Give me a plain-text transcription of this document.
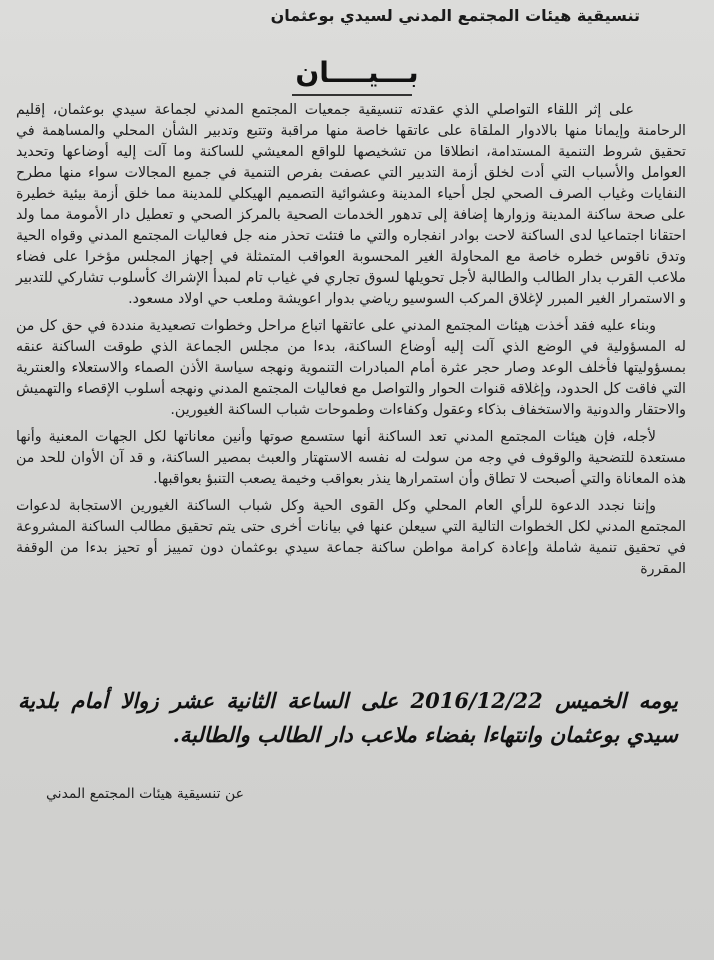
تنسيقية هيئات المجتمع المدني لسيدي بوعثمان
بـــيــــان

على إثر اللقاء التواصلي الذي عقدته تنسيقية جمعيات المجتمع المدني لجماعة سيدي بوعثمان، إقليم الرحامنة وإيمانا منها بالادوار الملقاة على عاتقها خاصة منها مراقبة وتتبع وتدبير الشأن المحلي والمساهمة في تحقيق شروط التنمية المستدامة، انطلاقا من تشخيصها للواقع المعيشي للساكنة وما آلت إليه أوضاعها وتحديد العوامل والأسباب التي أدت لخلق أزمة التدبير التي عصفت بفرص التنمية في جميع المجالات سواء منها مطرح النفايات وغياب الصرف الصحي لجل أحياء المدينة وعشوائية التصميم الهيكلي للمدينة مما خلق أزمة بيئية خطيرة على صحة ساكنة المدينة وزوارها إضافة إلى تدهور الخدمات الصحية بالمركز الصحي و تعطيل دار الأمومة مما ولد احتقانا اجتماعيا لدى الساكنة لاحت بوادر انفجاره والتي ما فتئت تحذر منه جل فعاليات المجتمع المدني وقواه الحية وتدق ناقوس خطره خاصة مع المحاولة الغير المحسوبة العواقب المتمثلة في إجهاز المجلس مؤخرا على فضاء ملاعب القرب بدار الطالب والطالبة لأجل تحويلها لسوق تجاري في غياب تام لمبدأ الإشراك كأسلوب تشاركي للتدبير و الاستمرار الغير المبرر لإغلاق المركب السوسيو رياضي بدوار اعويشة وملعب حي اولاد مسعود.

وبناء عليه فقد أخذت هيئات المجتمع المدني على عاتقها اتباع مراحل وخطوات تصعيدية منددة في حق كل من له المسؤولية في الوضع الذي آلت إليه أوضاع الساكنة، بدءا من مجلس الجماعة الذي طوقت الساكنة عنقه بمسؤوليتها فأخلف الوعد وصار حجر عثرة أمام المبادرات التنموية ونهجه سياسة الأذن الصماء والاستعلاء والعنترية التي فاقت كل الحدود، وإغلاقه قنوات الحوار والتواصل مع فعاليات المجتمع المدني ونهجه أسلوب الإقصاء والتهميش والاحتقار والدونية والاستخفاف بذكاء وعقول وكفاءات وطموحات شباب الساكنة الغيورين.

لأجله، فإن هيئات المجتمع المدني تعد الساكنة أنها ستسمع صوتها وأنين معاناتها لكل الجهات المعنية وأنها مستعدة للتضحية والوقوف في وجه من سولت له نفسه الاستهتار والعبث بمصير الساكنة، و قد آن الأوان للحد من هذه المعاناة والتي أصبحت لا تطاق وأن استمرارها ينذر بعواقب وخيمة يصعب التنبؤ بعواقبها.

وإننا نجدد الدعوة للرأي العام المحلي وكل القوى الحية وكل شباب الساكنة الغيورين الاستجابة لدعوات المجتمع المدني لكل الخطوات التالية التي سيعلن عنها في بيانات أخرى حتى يتم تحقيق مطالب الساكنة المشروعة في تحقيق تنمية شاملة وإعادة كرامة مواطن ساكنة جماعة سيدي بوعثمان دون تمييز أو تحيز بدءا من الوقفة المقررة

يومه الخميس 2016/12/22 على الساعة الثانية عشر زوالا أمام بلدية سيدي بوعثمان وانتهاءا بفضاء ملاعب دار الطالب والطالبة.
عن تنسيقية هيئات المجتمع المدني
